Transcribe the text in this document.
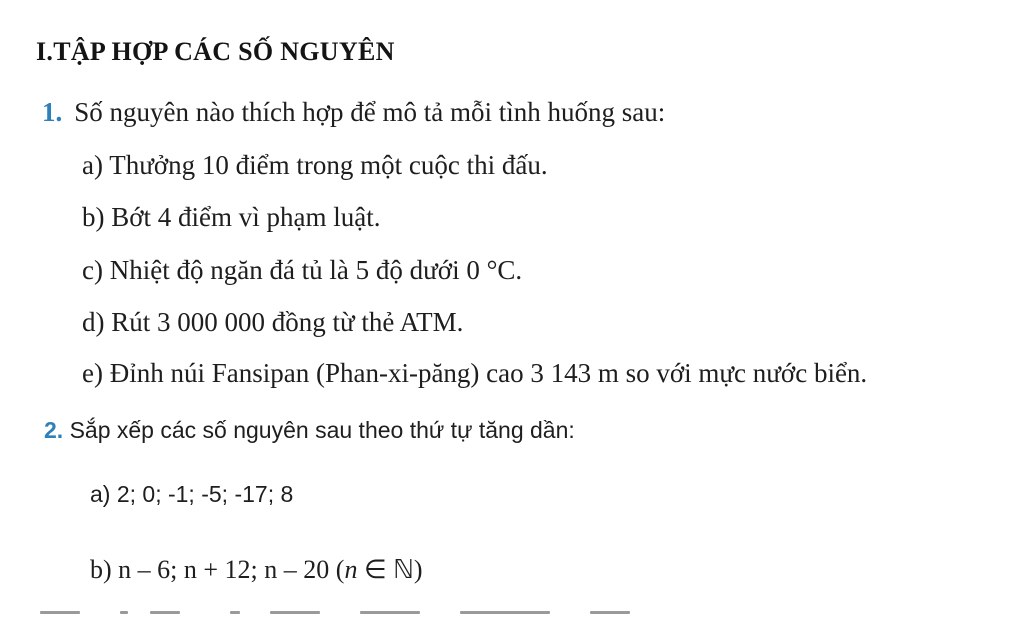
I.TẬP HỢP CÁC SỐ NGUYÊN
1. Số nguyên nào thích hợp để mô tả mỗi tình huống sau:
a) Thưởng 10 điểm trong một cuộc thi đấu.
b) Bớt 4 điểm vì phạm luật.
c) Nhiệt độ ngăn đá tủ là 5 độ dưới 0 °C.
d) Rút 3 000 000 đồng từ thẻ ATM.
e) Đỉnh núi Fansipan (Phan-xi-păng) cao 3 143 m so với mực nước biển.
2. Sắp xếp các số nguyên sau theo thứ tự tăng dần:
a) 2; 0; -1; -5; -17; 8
b) n – 6; n + 12; n – 20 (n ∈ ℕ)
